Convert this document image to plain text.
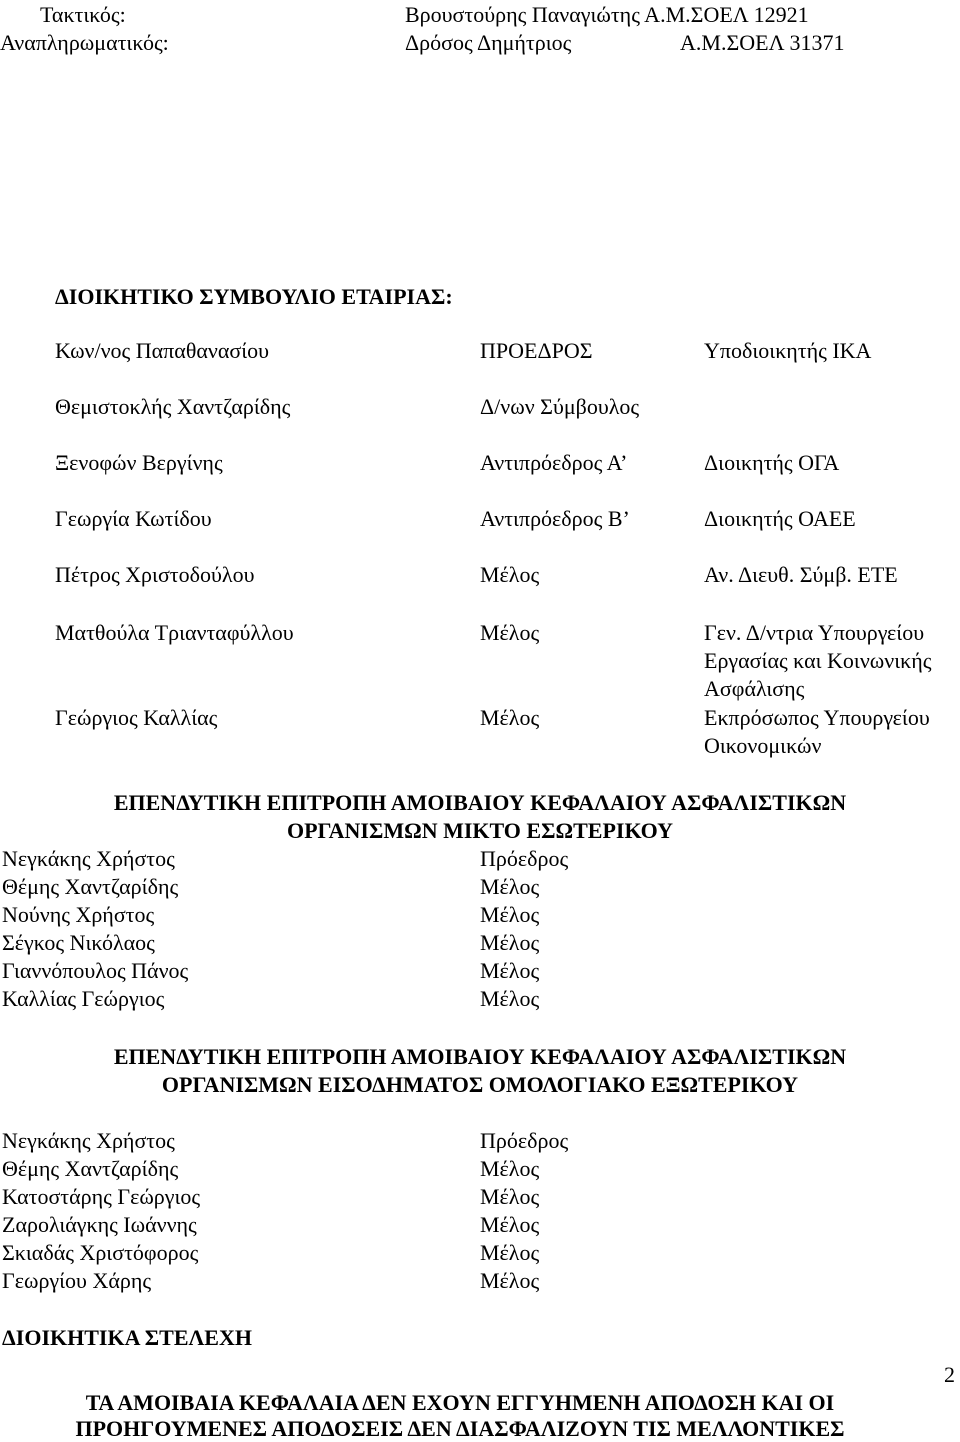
Τακτικός:	Βρουστούρης Παναγιώτης Α.Μ.ΣΟΕΛ 12921
Αναπληρωματικός:	Δρόσος Δημήτριος	Α.Μ.ΣΟΕΛ 31371
ΔΙΟΙΚΗΤΙΚΟ ΣΥΜΒΟΥΛΙΟ ΕΤΑΙΡΙΑΣ:
Κων/νος Παπαθανασίου	ΠΡΟΕΔΡΟΣ	Υποδιοικητής ΙΚΑ
Θεμιστοκλής Χαντζαρίδης	Δ/νων Σύμβουλος
Ξενοφών Βεργίνης	Αντιπρόεδρος Α’	Διοικητής ΟΓΑ
Γεωργία Κωτίδου	Αντιπρόεδρος Β’	Διοικητής ΟΑΕΕ
Πέτρος Χριστοδούλου	Μέλος	Αν. Διευθ. Σύμβ. ΕΤΕ
Ματθούλα Τριανταφύλλου	Μέλος	Γεν. Δ/ντρια Υπουργείου
Εργασίας και Κοινωνικής
Ασφάλισης
Γεώργιος Καλλίας	Μέλος	Εκπρόσωπος Υπουργείου
Οικονομικών
ΕΠΕΝΔΥΤΙΚΗ ΕΠΙΤΡΟΠΗ ΑΜΟΙΒΑΙΟΥ ΚΕΦΑΛΑΙΟΥ ΑΣΦΑΛΙΣΤΙΚΩΝ
ΟΡΓΑΝΙΣΜΩΝ ΜΙΚΤΟ ΕΣΩΤΕΡΙΚΟΥ
Νεγκάκης Χρήστος	Πρόεδρος
Θέμης Χαντζαρίδης	Μέλος
Νούνης Χρήστος	Μέλος
Σέγκος Νικόλαος	Μέλος
Γιαννόπουλος Πάνος	Μέλος
Καλλίας Γεώργιος	Μέλος
ΕΠΕΝΔΥΤΙΚΗ ΕΠΙΤΡΟΠΗ ΑΜΟΙΒΑΙΟΥ ΚΕΦΑΛΑΙΟΥ ΑΣΦΑΛΙΣΤΙΚΩΝ
ΟΡΓΑΝΙΣΜΩΝ ΕΙΣΟΔΗΜΑΤΟΣ ΟΜΟΛΟΓΙΑΚΟ ΕΞΩΤΕΡΙΚΟΥ
Νεγκάκης Χρήστος	Πρόεδρος
Θέμης Χαντζαρίδης	Μέλος
Κατοστάρης Γεώργιος	Μέλος
Ζαρολιάγκης Ιωάννης	Μέλος
Σκιαδάς Χριστόφορος	Μέλος
Γεωργίου Χάρης	Μέλος
ΔΙΟΙΚΗΤΙΚΑ ΣΤΕΛΕΧΗ
2
ΤΑ ΑΜΟΙΒΑΙΑ ΚΕΦΑΛΑΙΑ ΔΕΝ ΕΧΟΥΝ ΕΓΓΥΗΜΕΝΗ ΑΠΟΔΟΣΗ ΚΑΙ ΟΙ
ΠΡΟΗΓΟΥΜΕΝΕΣ ΑΠΟΔΟΣΕΙΣ ΔΕΝ ΔΙΑΣΦΑΛΙΖΟΥΝ ΤΙΣ ΜΕΛΛΟΝΤΙΚΕΣ
